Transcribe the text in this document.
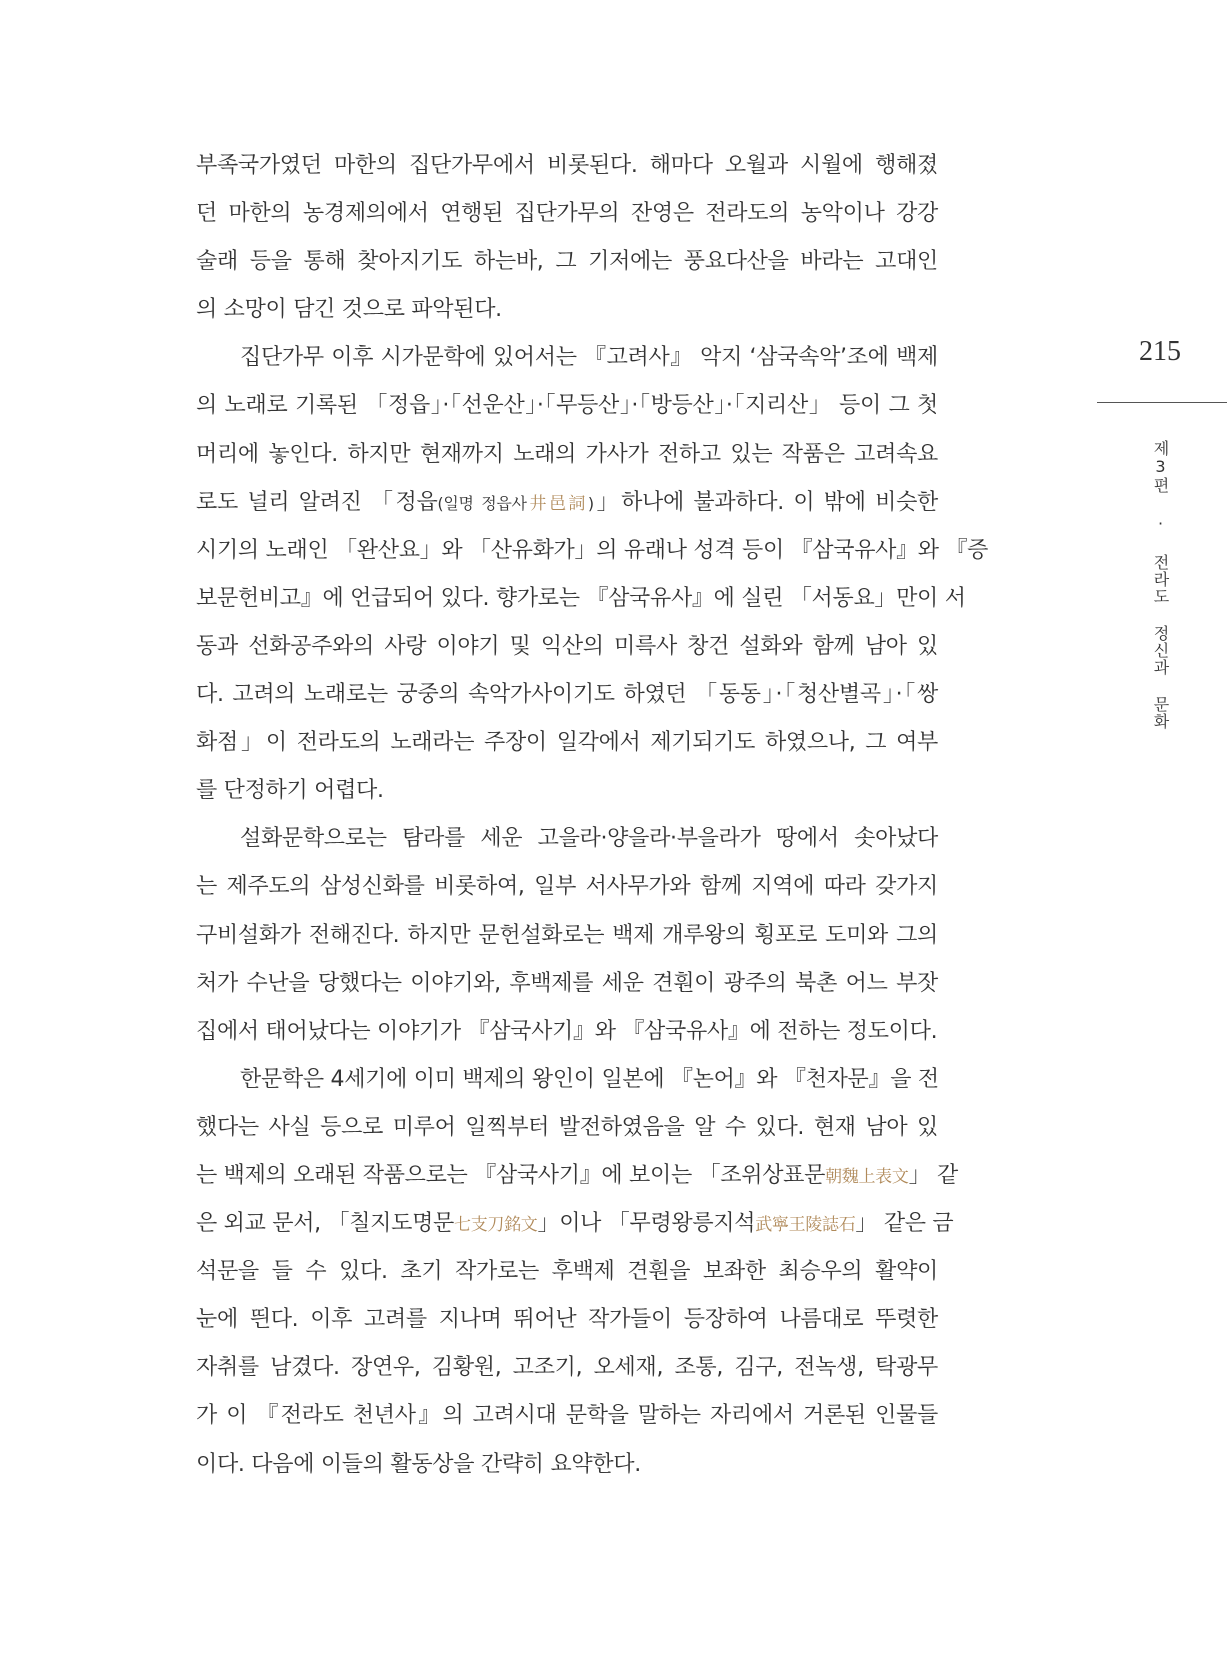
부족국가였던 마한의 집단가무에서 비롯된다. 해마다 오월과 시월에 행해졌
던 마한의 농경제의에서 연행된 집단가무의 잔영은 전라도의 농악이나 강강
술래 등을 통해 찾아지기도 하는바, 그 기저에는 풍요다산을 바라는 고대인
의 소망이 담긴 것으로 파악된다.
집단가무 이후 시가문학에 있어서는 『고려사』 악지 ‘삼국속악’조에 백제
의 노래로 기록된 「정읍」·「선운산」·「무등산」·「방등산」·「지리산」 등이 그 첫
머리에 놓인다. 하지만 현재까지 노래의 가사가 전하고 있는 작품은 고려속요
로도 널리 알려진 「정읍(일명 정읍사井邑詞)」하나에 불과하다. 이 밖에 비슷한
시기의 노래인 「완산요」와 「산유화가」의 유래나 성격 등이 『삼국유사』와 『증
보문헌비고』에 언급되어 있다. 향가로는 『삼국유사』에 실린 「서동요」만이 서
동과 선화공주와의 사랑 이야기 및 익산의 미륵사 창건 설화와 함께 남아 있
다. 고려의 노래로는 궁중의 속악가사이기도 하였던 「동동」·「청산별곡」·「쌍
화점」이 전라도의 노래라는 주장이 일각에서 제기되기도 하였으나, 그 여부
를 단정하기 어렵다.
설화문학으로는 탐라를 세운 고을라·양을라·부을라가 땅에서 솟아났다
는 제주도의 삼성신화를 비롯하여, 일부 서사무가와 함께 지역에 따라 갖가지
구비설화가 전해진다. 하지만 문헌설화로는 백제 개루왕의 횡포로 도미와 그의
처가 수난을 당했다는 이야기와, 후백제를 세운 견훤이 광주의 북촌 어느 부잣
집에서 태어났다는 이야기가 『삼국사기』와 『삼국유사』에 전하는 정도이다.
한문학은 4세기에 이미 백제의 왕인이 일본에 『논어』와 『천자문』을 전
했다는 사실 등으로 미루어 일찍부터 발전하였음을 알 수 있다. 현재 남아 있
는 백제의 오래된 작품으로는 『삼국사기』에 보이는 「조위상표문朝魏上表文」 같
은 외교 문서, 「칠지도명문七支刀銘文」이나 「무령왕릉지석武寧王陵誌石」 같은 금
석문을 들 수 있다. 초기 작가로는 후백제 견훤을 보좌한 최승우의 활약이
눈에 띈다. 이후 고려를 지나며 뛰어난 작가들이 등장하여 나름대로 뚜렷한
자취를 남겼다. 장연우, 김황원, 고조기, 오세재, 조통, 김구, 전녹생, 탁광무
가 이 『전라도 천년사』의 고려시대 문학을 말하는 자리에서 거론된 인물들
이다. 다음에 이들의 활동상을 간략히 요약한다.
215
제3편 · 전라도 정신과 문화
